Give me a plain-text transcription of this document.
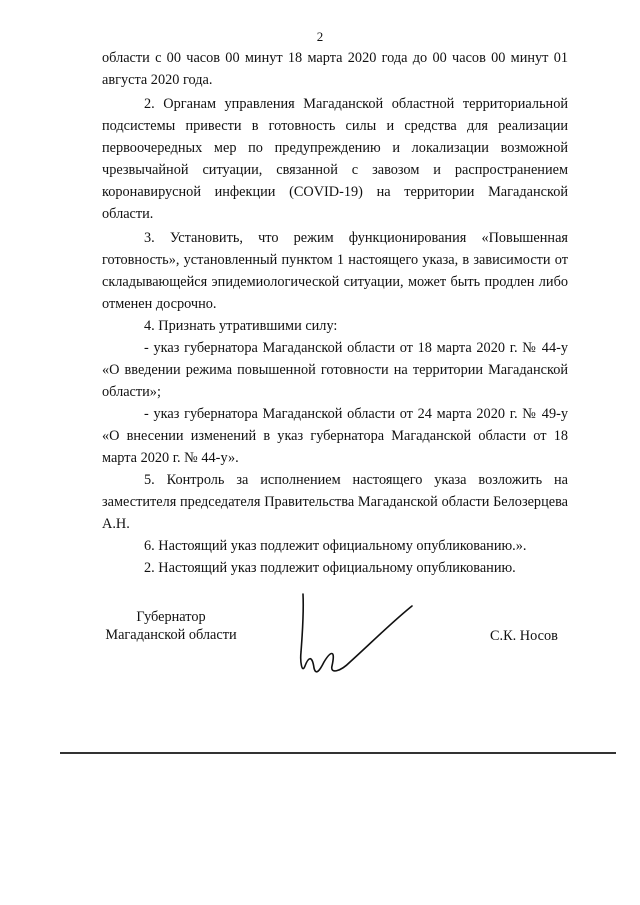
2

области с 00 часов 00 минут 18 марта 2020 года до 00 часов 00 минут 01 августа 2020 года.

2. Органам управления Магаданской областной территориальной подсистемы привести в готовность силы и средства для реализации первоочередных мер по предупреждению и локализации возможной чрезвычайной ситуации, связанной с завозом и распространением коронавирусной инфекции (COVID-19) на территории Магаданской области.

3. Установить, что режим функционирования «Повышенная готовность», установленный пунктом 1 настоящего указа, в зависимости от складывающейся эпидемиологической ситуации, может быть продлен либо отменен досрочно.

4. Признать утратившими силу:

- указ губернатора Магаданской области от 18 марта 2020 г. № 44-у «О введении режима повышенной готовности на территории Магаданской области»;

- указ губернатора Магаданской области от 24 марта 2020 г. № 49-у «О внесении изменений в указ губернатора Магаданской области от 18 марта 2020 г. № 44-у».

5. Контроль за исполнением настоящего указа возложить на заместителя председателя Правительства Магаданской области Белозерцева А.Н.

6. Настоящий указ подлежит официальному опубликованию.».

2. Настоящий указ подлежит официальному опубликованию.

Губернатор
Магаданской области	С.К. Носов
